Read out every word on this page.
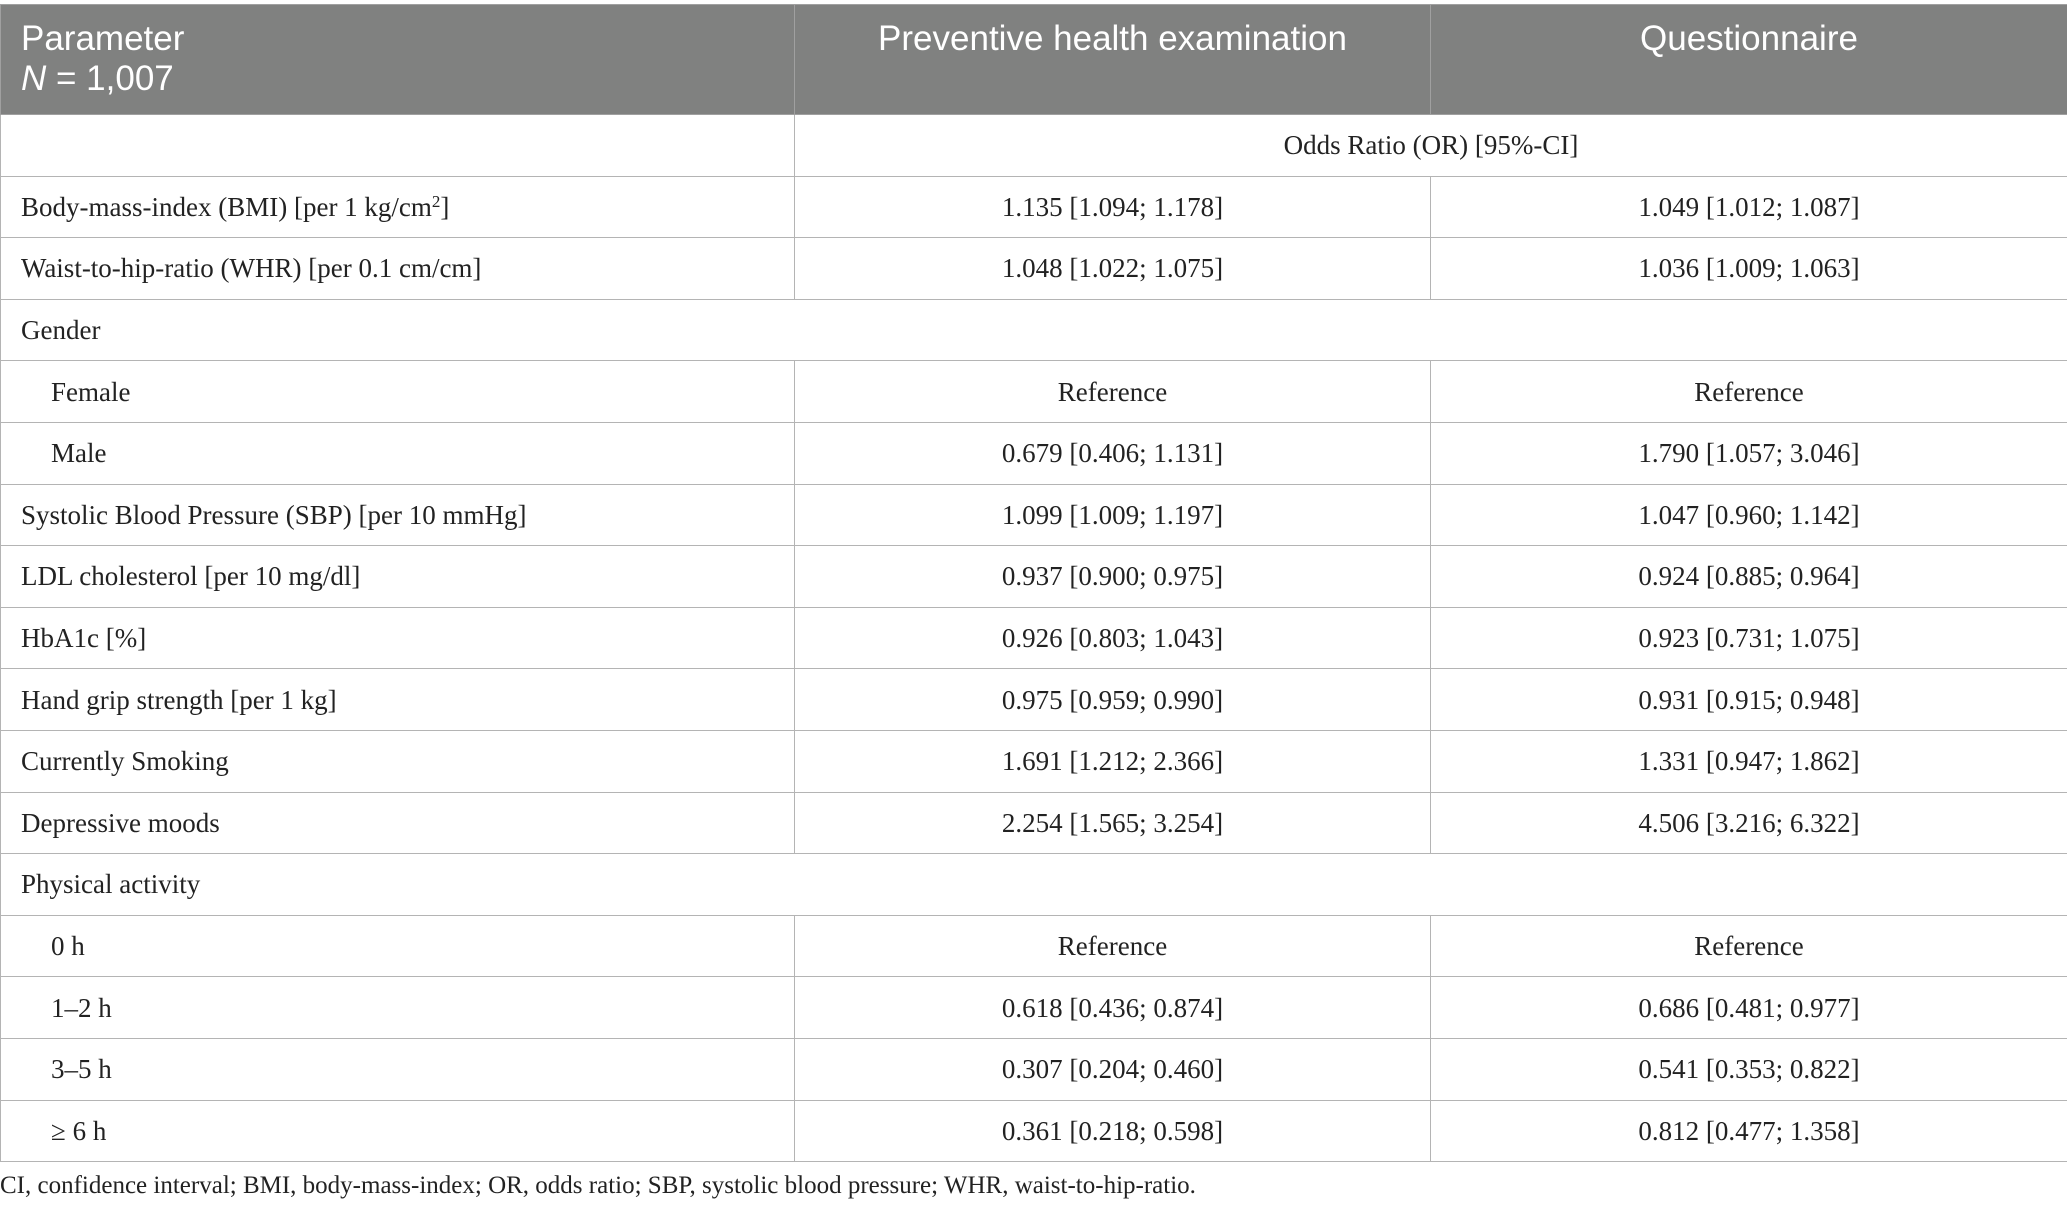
Parameter
N = 1,007	Preventive health examination	Questionnaire
	Odds Ratio (OR) [95%-CI]	
Body-mass-index (BMI) [per 1 $kg/cm^2$]	1.135 [1.094; 1.178]	1.049 [1.012; 1.087]
Waist-to-hip-ratio (WHR) [per 0.1 cm/cm]	1.048 [1.022; 1.075]	1.036 [1.009; 1.063]
Gender		
Female	Reference	Reference
Male	0.679 [0.406; 1.131]	1.790 [1.057; 3.046]
Systolic Blood Pressure (SBP) [per 10 mmHg]	1.099 [1.009; 1.197]	1.047 [0.960; 1.142]
LDL cholesterol [per 10 mg/dl]	0.937 [0.900; 0.975]	0.924 [0.885; 0.964]
HbA1c [%]	0.926 [0.803; 1.043]	0.923 [0.731; 1.075]
Hand grip strength [per 1 kg]	0.975 [0.959; 0.990]	0.931 [0.915; 0.948]
Currently Smoking	1.691 [1.212; 2.366]	1.331 [0.947; 1.862]
Depressive moods	2.254 [1.565; 3.254]	4.506 [3.216; 6.322]
Physical activity		
0 h	Reference	Reference
1–2 h	0.618 [0.436; 0.874]	0.686 [0.481; 0.977]
3–5 h	0.307 [0.204; 0.460]	0.541 [0.353; 0.822]
≥ 6 h	0.361 [0.218; 0.598]	0.812 [0.477; 1.358]
CI, confidence interval; BMI, body-mass-index; OR, odds ratio; SBP, systolic blood pressure; WHR, waist-to-hip-ratio.
